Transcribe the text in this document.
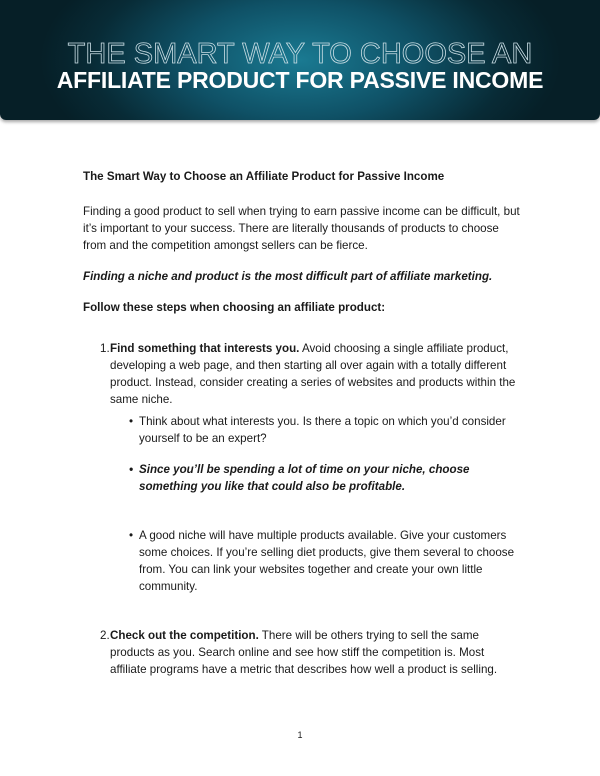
THE SMART WAY TO CHOOSE AN
AFFILIATE PRODUCT FOR PASSIVE INCOME

The Smart Way to Choose an Affiliate Product for Passive Income

Finding a good product to sell when trying to earn passive income can be difficult, but it’s important to your success. There are literally thousands of products to choose from and the competition amongst sellers can be fierce.

Finding a niche and product is the most difficult part of affiliate marketing.

Follow these steps when choosing an affiliate product:

1. Find something that interests you. Avoid choosing a single affiliate product, developing a web page, and then starting all over again with a totally different product. Instead, consider creating a series of websites and products within the same niche.
• Think about what interests you. Is there a topic on which you’d consider yourself to be an expert?
• Since you’ll be spending a lot of time on your niche, choose something you like that could also be profitable.
• A good niche will have multiple products available. Give your customers some choices. If you’re selling diet products, give them several to choose from. You can link your websites together and create your own little community.
2. Check out the competition. There will be others trying to sell the same products as you. Search online and see how stiff the competition is. Most affiliate programs have a metric that describes how well a product is selling.
1
